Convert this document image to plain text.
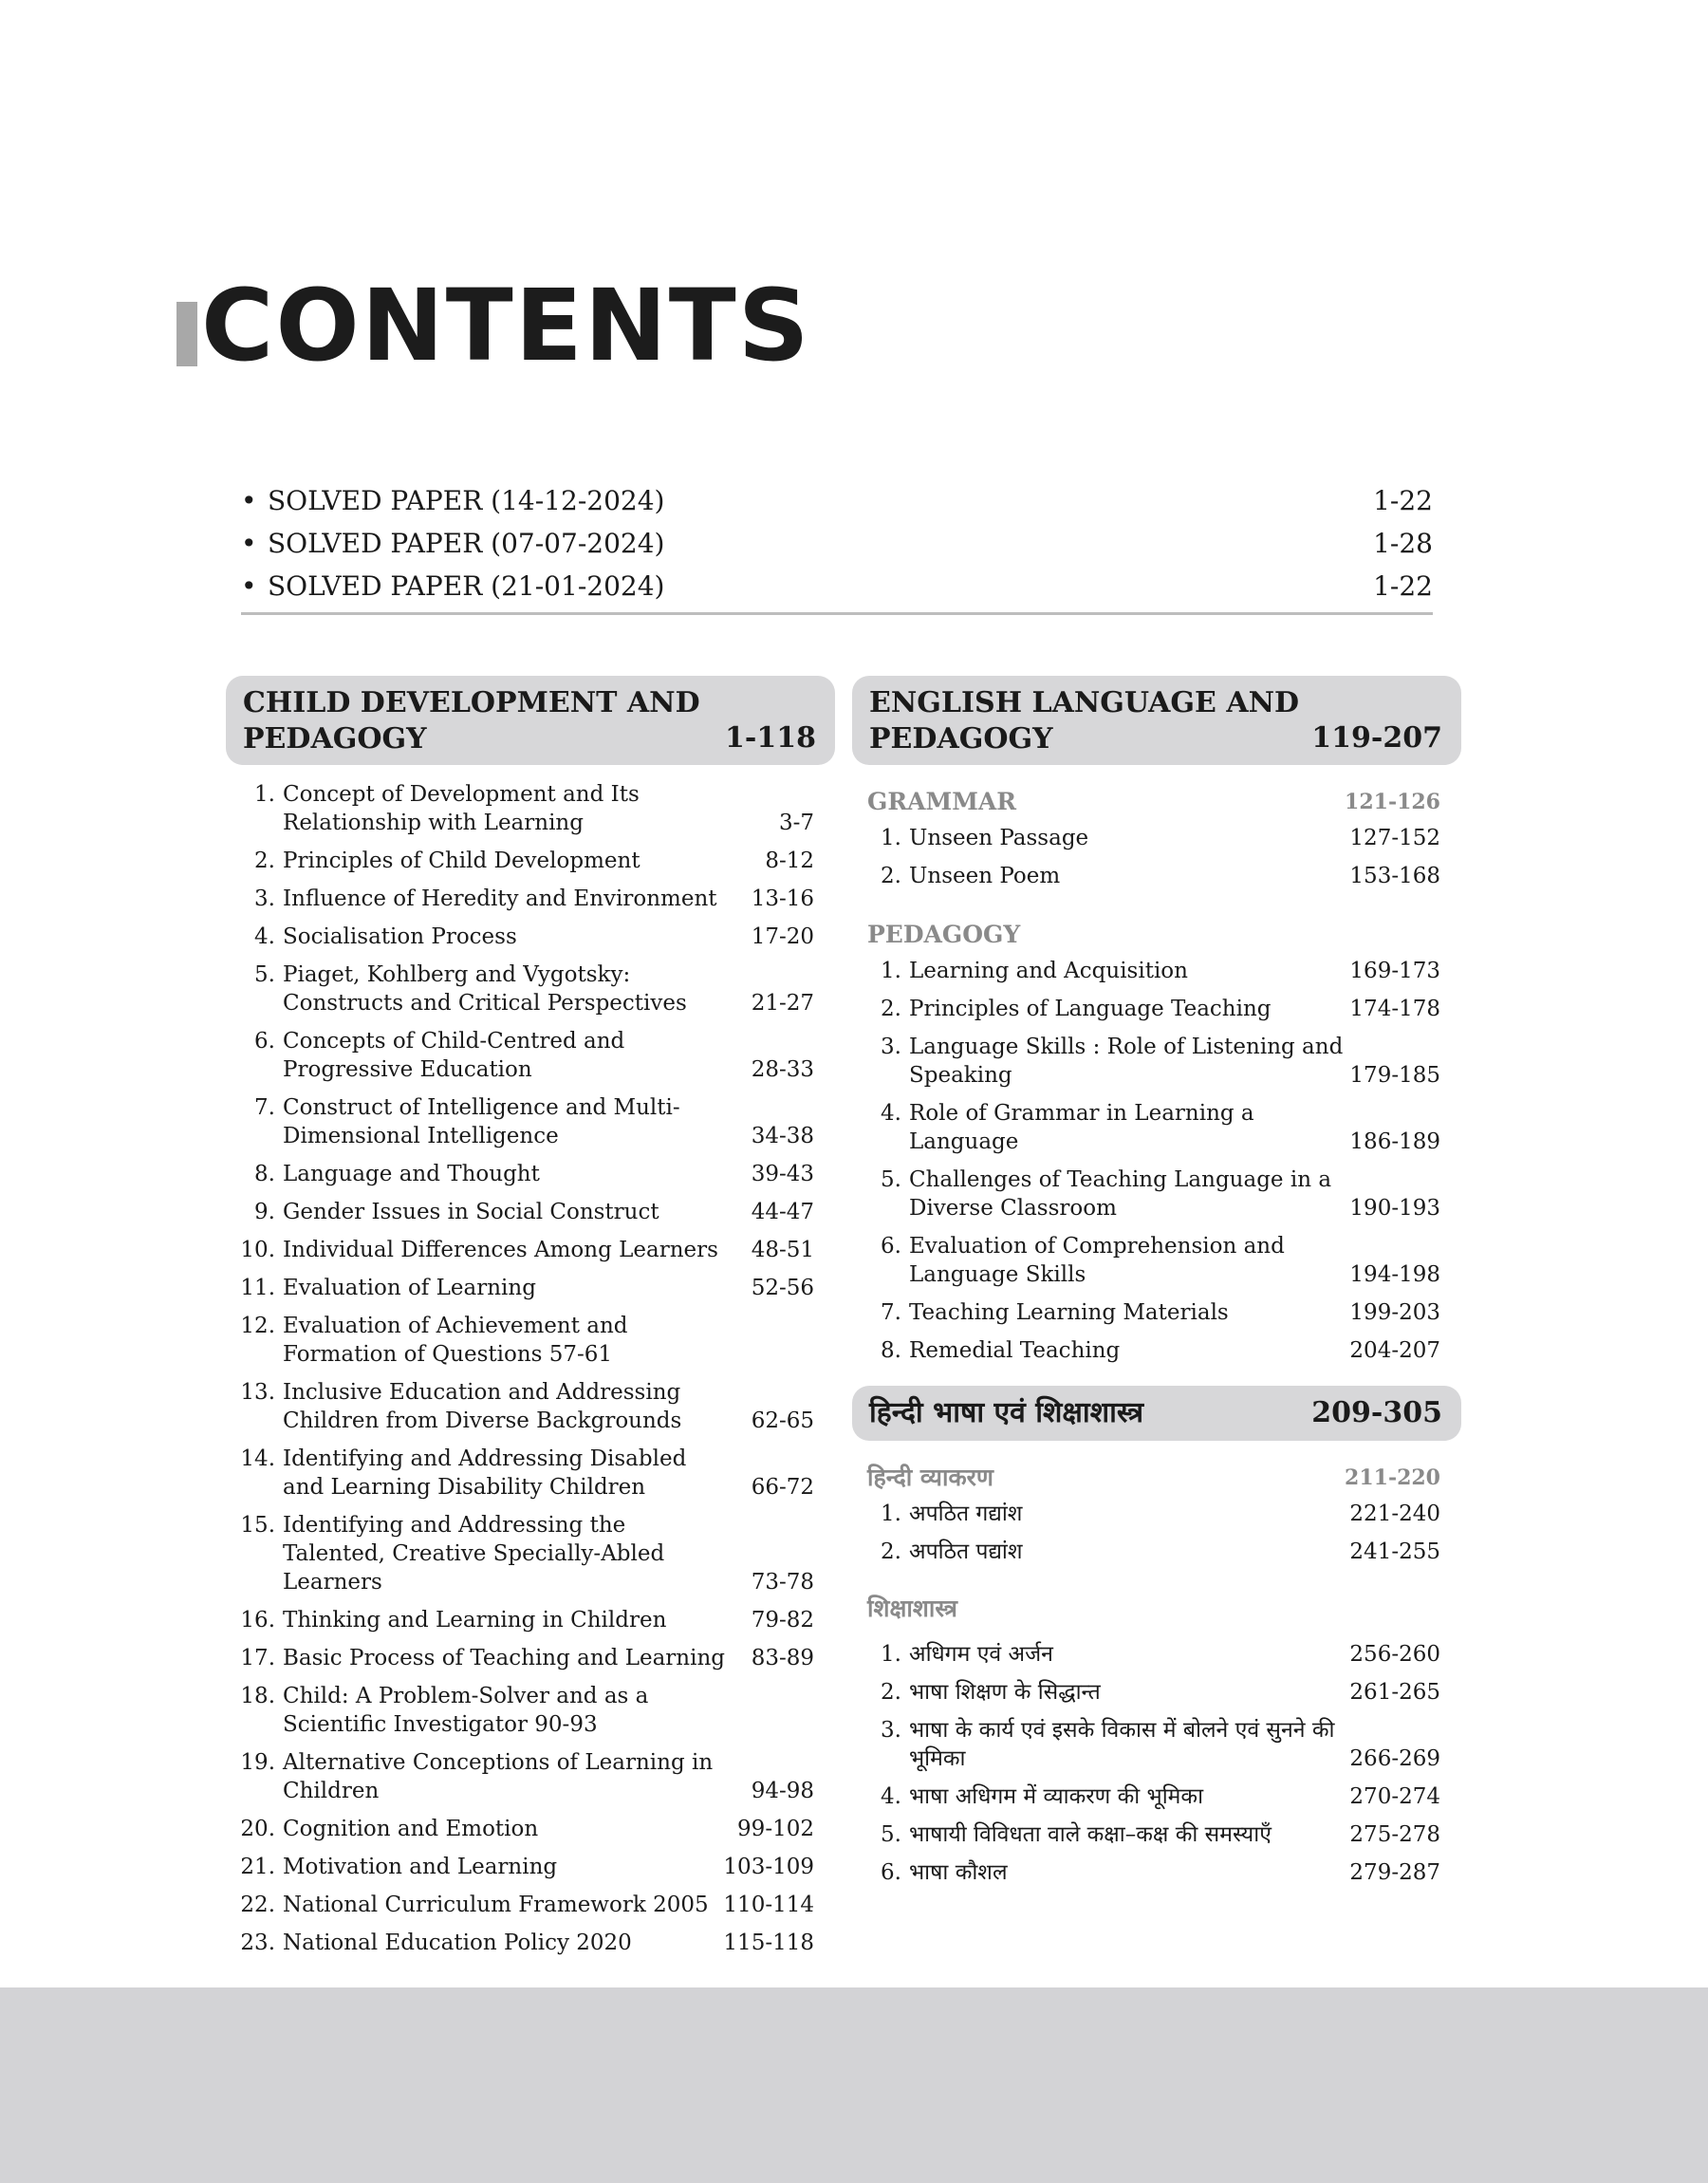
CONTENTS
• SOLVED PAPER (14-12-2024)	1-22
• SOLVED PAPER (07-07-2024)	1-28
• SOLVED PAPER (21-01-2024)	1-22
CHILD DEVELOPMENT AND
PEDAGOGY	1-118
1. Concept of Development and Its Relationship with Learning	3-7
2. Principles of Child Development	8-12
3. Influence of Heredity and Environment 13-16
4. Socialisation Process	17-20
5. Piaget, Kohlberg and Vygotsky: Constructs and Critical Perspectives	21-27
6. Concepts of Child-Centred and Progressive Education	28-33
7. Construct of Intelligence and Multi-Dimensional Intelligence	34-38
8. Language and Thought	39-43
9. Gender Issues in Social Construct	44-47
10. Individual Differences Among Learners 48-51
11. Evaluation of Learning	52-56
12. Evaluation of Achievement and Formation of Questions 57-61
13. Inclusive Education and Addressing Children from Diverse Backgrounds	62-65
14. Identifying and Addressing Disabled and Learning Disability Children	66-72
15. Identifying and Addressing the Talented, Creative Specially-Abled Learners	73-78
16. Thinking and Learning in Children	79-82
17. Basic Process of Teaching and Learning 83-89
18. Child: A Problem-Solver and as a Scientific Investigator 90-93
19. Alternative Conceptions of Learning in Children	94-98
20. Cognition and Emotion	99-102
21. Motivation and Learning	103-109
22. National Curriculum Framework 2005 110-114
23. National Education Policy 2020	115-118
ENGLISH LANGUAGE AND
PEDAGOGY	119-207
GRAMMAR	121-126
1. Unseen Passage	127-152
2. Unseen Poem	153-168
PEDAGOGY
1. Learning and Acquisition	169-173
2. Principles of Language Teaching	174-178
3. Language Skills : Role of Listening and Speaking	179-185
4. Role of Grammar in Learning a Language	186-189
5. Challenges of Teaching Language in a Diverse Classroom	190-193
6. Evaluation of Comprehension and Language Skills	194-198
7. Teaching Learning Materials	199-203
8. Remedial Teaching	204-207
हिन्दी भाषा एवं शिक्षाशास्त्र	209-305
हिन्दी व्याकरण	211-220
1. अपठित गद्यांश	221-240
2. अपठित पद्यांश	241-255
शिक्षाशास्त्र
1. अधिगम एवं अर्जन	256-260
2. भाषा शिक्षण के सिद्धान्त	261-265
3. भाषा के कार्य एवं इसके विकास में बोलने एवं सुनने की भूमिका	266-269
4. भाषा अधिगम में व्याकरण की भूमिका	270-274
5. भाषायी विविधता वाले कक्षा–कक्ष की समस्याएँ	275-278
6. भाषा कौशल	279-287
